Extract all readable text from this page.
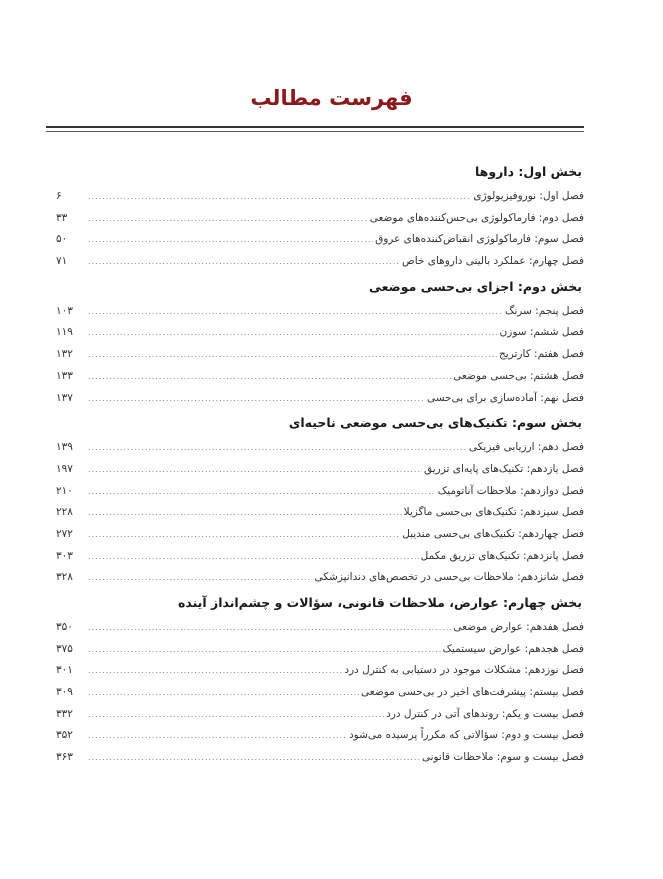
فهرست مطالب
بخش اول: داروها
فصل اول: نوروفیزیولوژی
.....
۶
فصل دوم: فارماکولوژی بی‌حس‌کننده‌های موضعی
.....
۳۳
فصل سوم: فارماکولوژی انقباض‌کننده‌های عروق
.....
۵۰
فصل چهارم: عملکرد بالینی داروهای خاص
.....
۷۱
بخش دوم: اجزای بی‌حسی موضعی
فصل پنجم: سرنگ
.....
۱۰۳
فصل ششم: سوزن
.....
۱۱۹
فصل هفتم: کارتریج
.....
۱۳۲
فصل هشتم: بی‌حسی موضعی
.....
۱۳۳
فصل نهم: آماده‌سازی برای بی‌حسی
.....
۱۳۷
بخش سوم: تکنیک‌های بی‌حسی موضعی ناحیه‌ای
فصل دهم: ارزیابی فیزیکی
.....
۱۳۹
فصل یازدهم: تکنیک‌های پایه‌ای تزریق
.....
۱۹۷
فصل دوازدهم: ملاحظات آناتومیک
.....
۲۱۰
فصل سیزدهم: تکنیک‌های بی‌حسی ماگزیلا
.....
۲۲۸
فصل چهاردهم: تکنیک‌های بی‌حسی مندیبل
.....
۲۷۲
فصل پانزدهم: تکنیک‌های تزریق مکمل
.....
۳۰۳
فصل شانزدهم: ملاحظات بی‌حسی در تخصص‌های دندانپزشکی
.....
۳۲۸
بخش چهارم: عوارض، ملاحظات قانونی، سؤالات و چشم‌انداز آینده
فصل هفدهم: عوارض موضعی
.....
۳۵۰
فصل هجدهم: عوارض سیستمیک
.....
۳۷۵
فصل نوزدهم: مشکلات موجود در دستیابی به کنترل درد
.....
۳۰۱
فصل بیستم: پیشرفت‌های اخیر در بی‌حسی موضعی
.....
۳۰۹
فصل بیست و یکم: روندهای آتی در کنترل درد
.....
۳۳۲
فصل بیست و دوم: سؤالاتی که مکرراً پرسیده می‌شود
.....
۳۵۲
فصل بیست و سوم: ملاحظات قانونی
.....
۳۶۳
